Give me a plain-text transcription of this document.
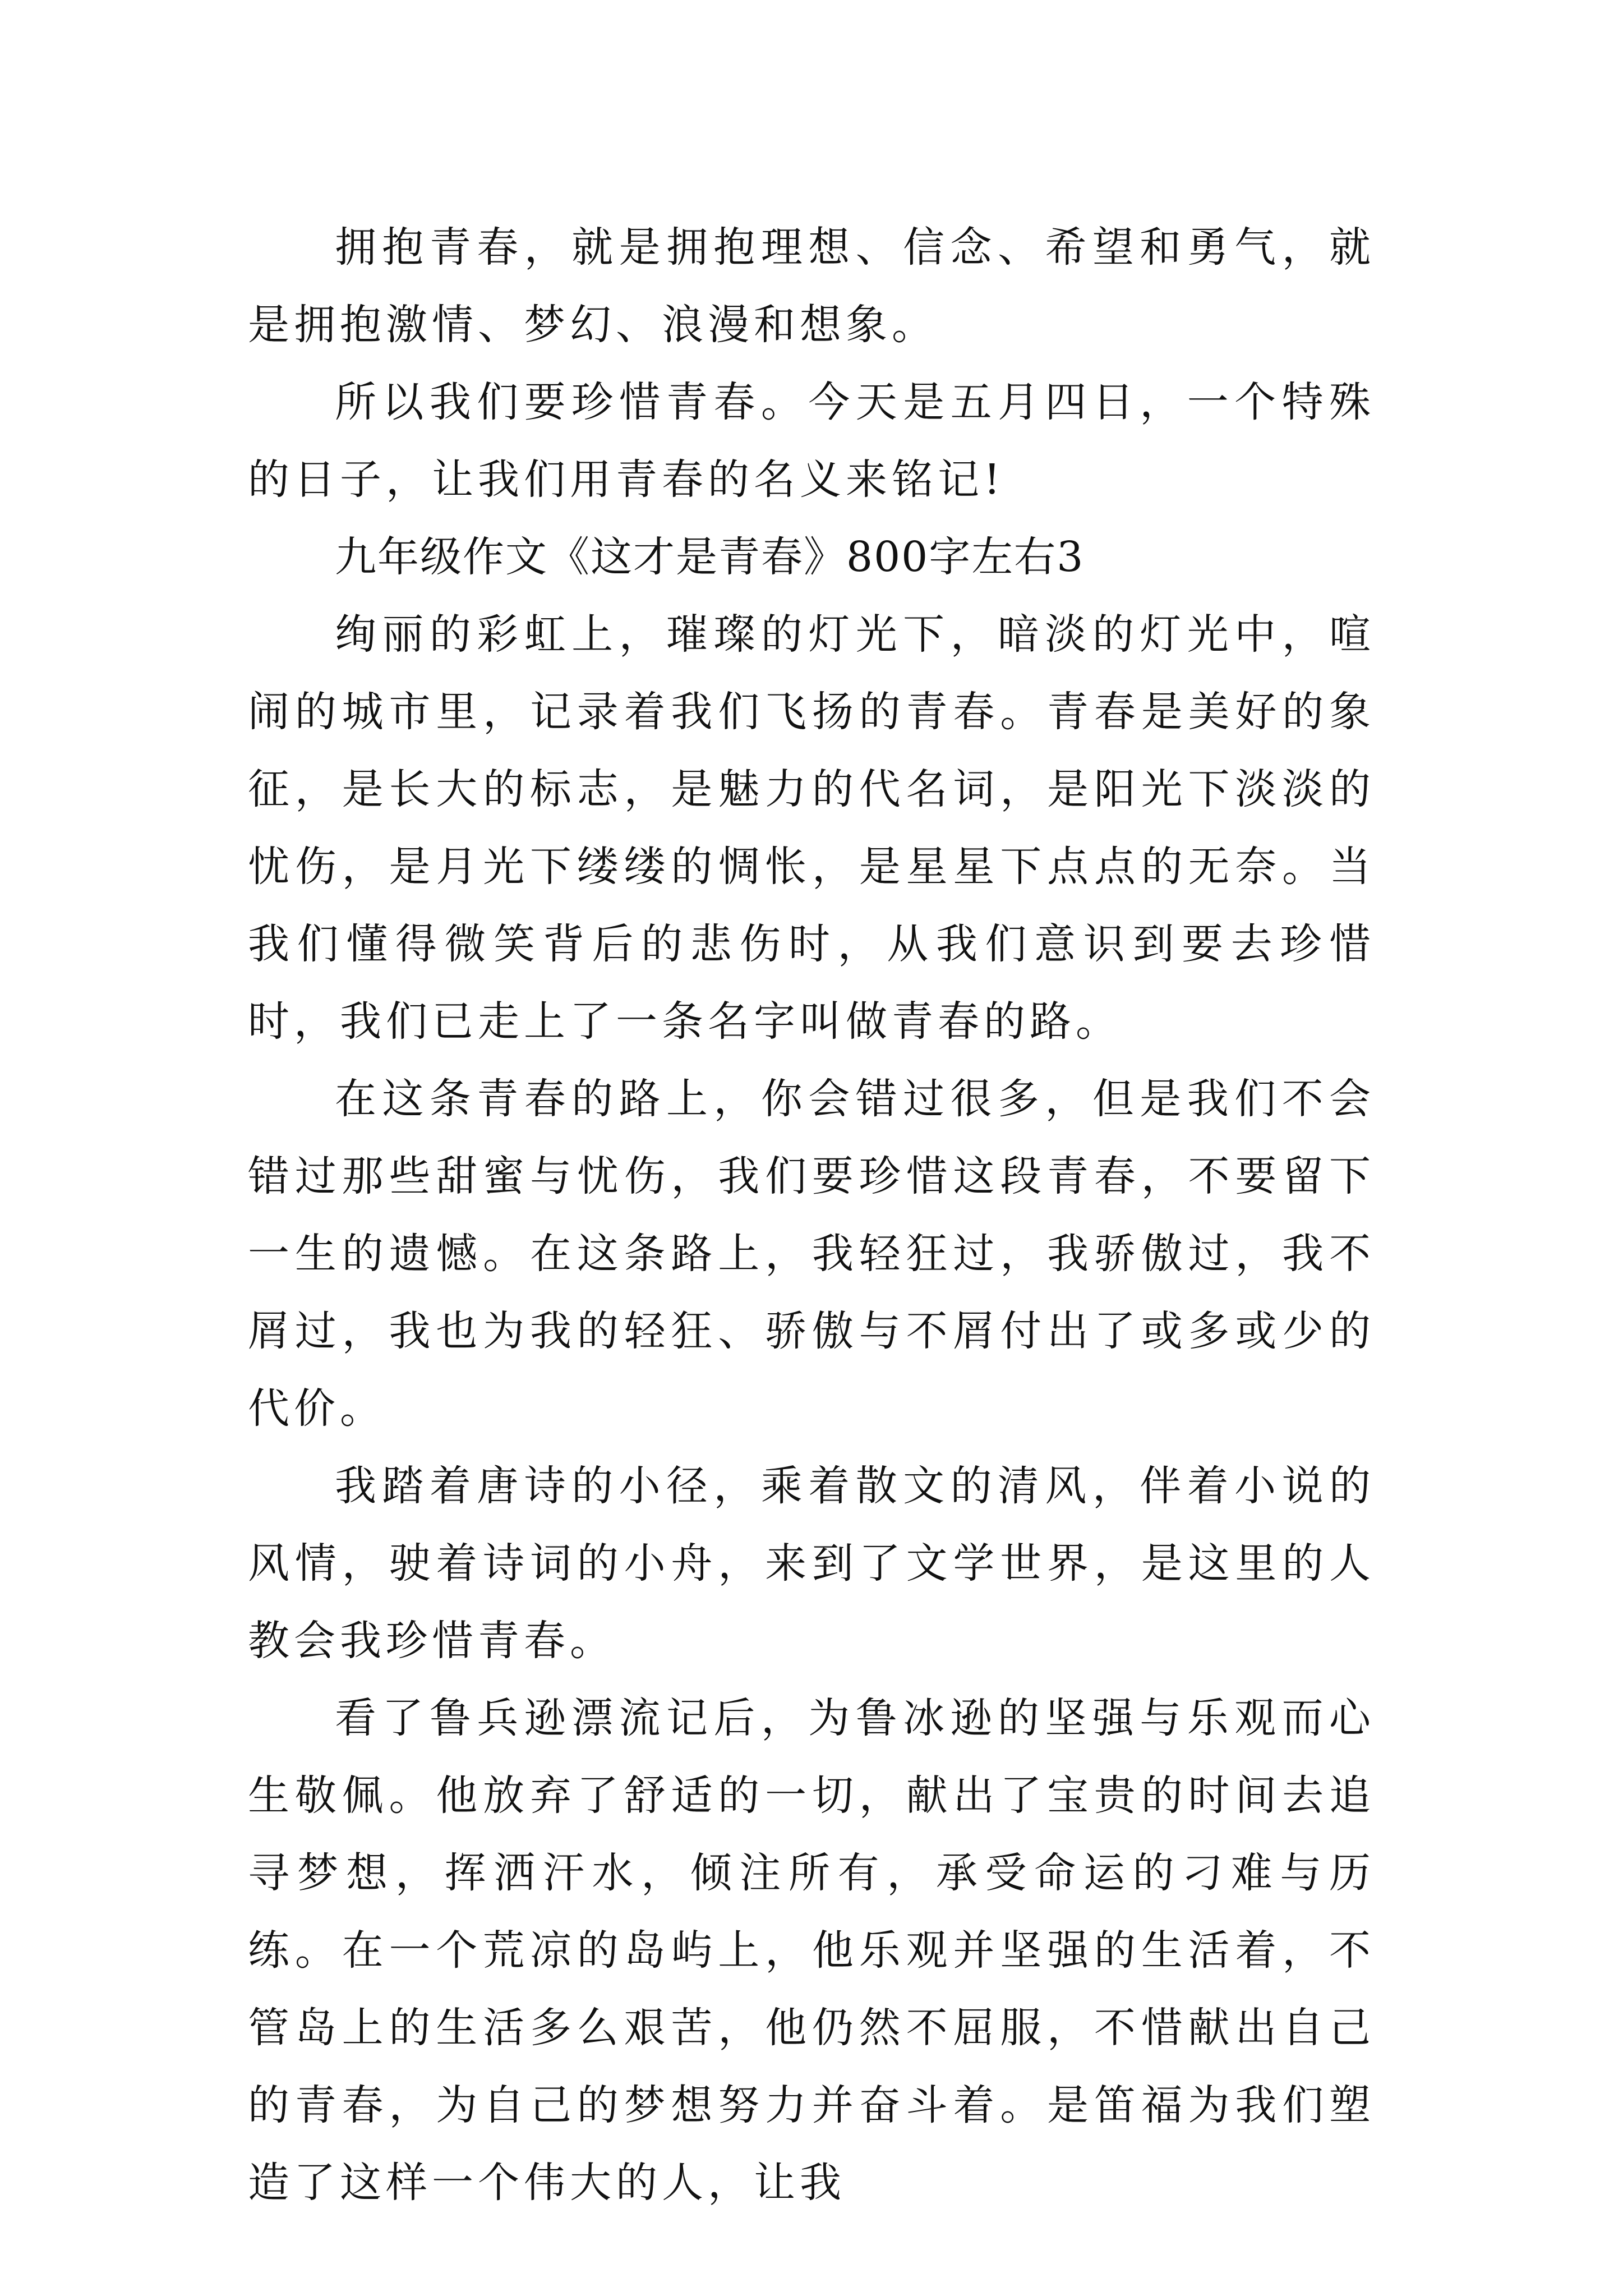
拥抱青春，就是拥抱理想、信念、希望和勇气，就是拥抱激情、梦幻、浪漫和想象。

所以我们要珍惜青春。今天是五月四日，一个特殊的日子，让我们用青春的名义来铭记!

九年级作文《这才是青春》800字左右3

绚丽的彩虹上，璀璨的灯光下，暗淡的灯光中，喧闹的城市里，记录着我们飞扬的青春。青春是美好的象征，是长大的标志，是魅力的代名词，是阳光下淡淡的忧伤，是月光下缕缕的惆怅，是星星下点点的无奈。当我们懂得微笑背后的悲伤时，从我们意识到要去珍惜时，我们已走上了一条名字叫做青春的路。

在这条青春的路上，你会错过很多，但是我们不会错过那些甜蜜与忧伤，我们要珍惜这段青春，不要留下一生的遗憾。在这条路上，我轻狂过，我骄傲过，我不屑过，我也为我的轻狂、骄傲与不屑付出了或多或少的代价。

我踏着唐诗的小径，乘着散文的清风，伴着小说的风情，驶着诗词的小舟，来到了文学世界，是这里的人教会我珍惜青春。

看了鲁兵逊漂流记后，为鲁冰逊的坚强与乐观而心生敬佩。他放弃了舒适的一切，献出了宝贵的时间去追寻梦想，挥洒汗水，倾注所有，承受命运的刁难与历练。在一个荒凉的岛屿上，他乐观并坚强的生活着，不管岛上的生活多么艰苦，他仍然不屈服，不惜献出自己的青春，为自己的梦想努力并奋斗着。是笛福为我们塑造了这样一个伟大的人，让我
